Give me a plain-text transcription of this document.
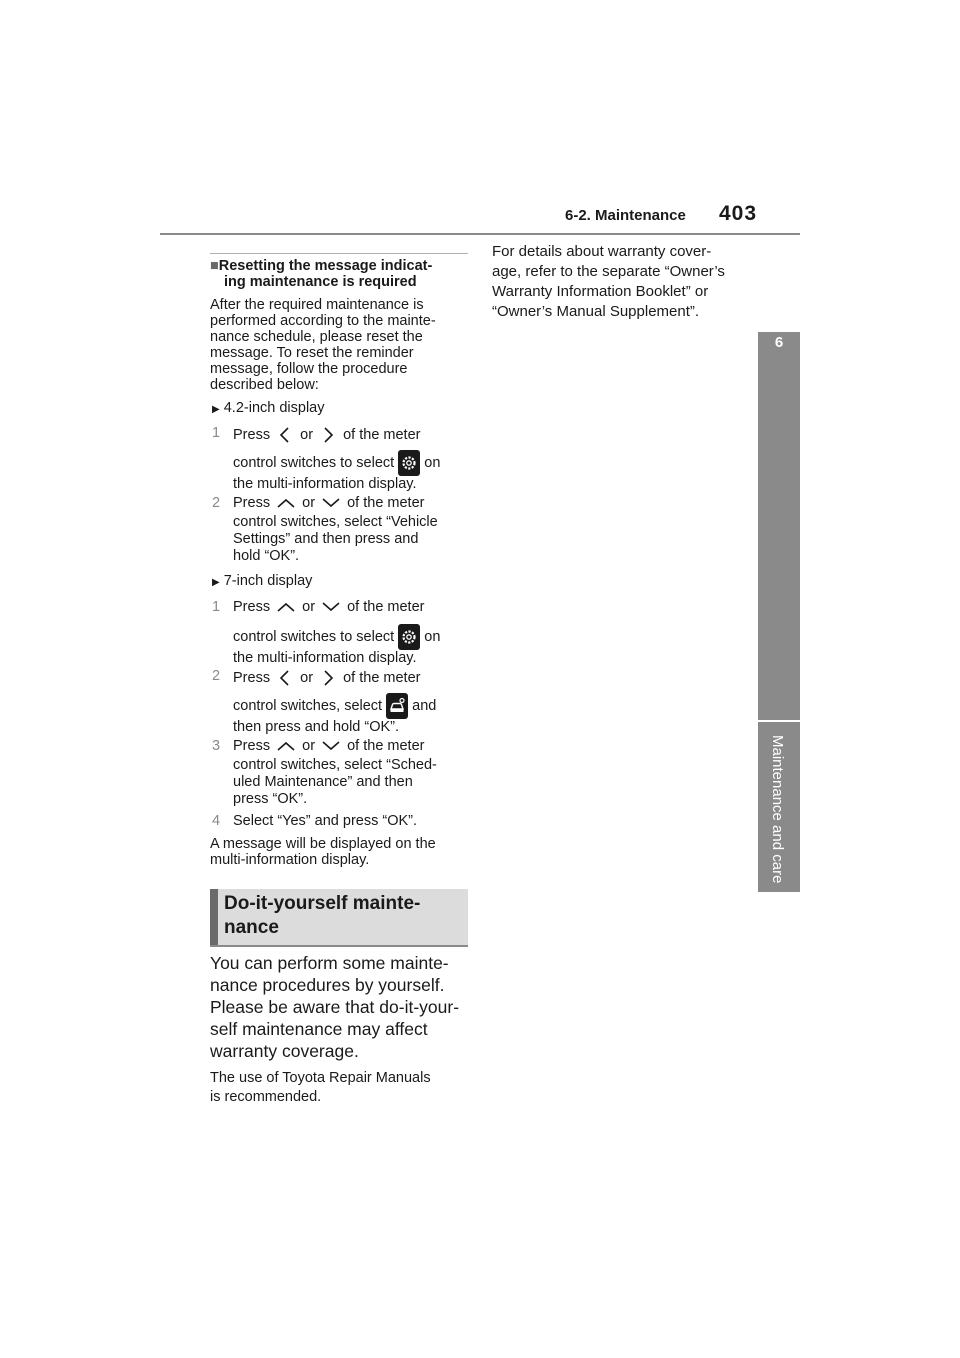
6-2. Maintenance 403
6
Maintenance and care
■Resetting the message indicat-
ing maintenance is required
After the required maintenance is
performed according to the mainte-
nance schedule, please reset the
message. To reset the reminder
message, follow the procedure
described below:
▶ 4.2-inch display
1 Press or of the meter
control switches to select on
the multi-information display.
2 Press or of the meter
control switches, select “Vehicle
Settings” and then press and
hold “OK”.
▶ 7-inch display
1 Press or of the meter
control switches to select on
the multi-information display.
2 Press or of the meter
control switches, select and
then press and hold “OK”.
3 Press or of the meter
control switches, select “Sched-
uled Maintenance” and then
press “OK”.
4 Select “Yes” and press “OK”.
A message will be displayed on the
multi-information display.
Do-it-yourself mainte-
nance
You can perform some mainte-
nance procedures by yourself.
Please be aware that do-it-your-
self maintenance may affect
warranty coverage.
The use of Toyota Repair Manuals
is recommended.
For details about warranty cover-
age, refer to the separate “Owner’s
Warranty Information Booklet” or
“Owner’s Manual Supplement”.
